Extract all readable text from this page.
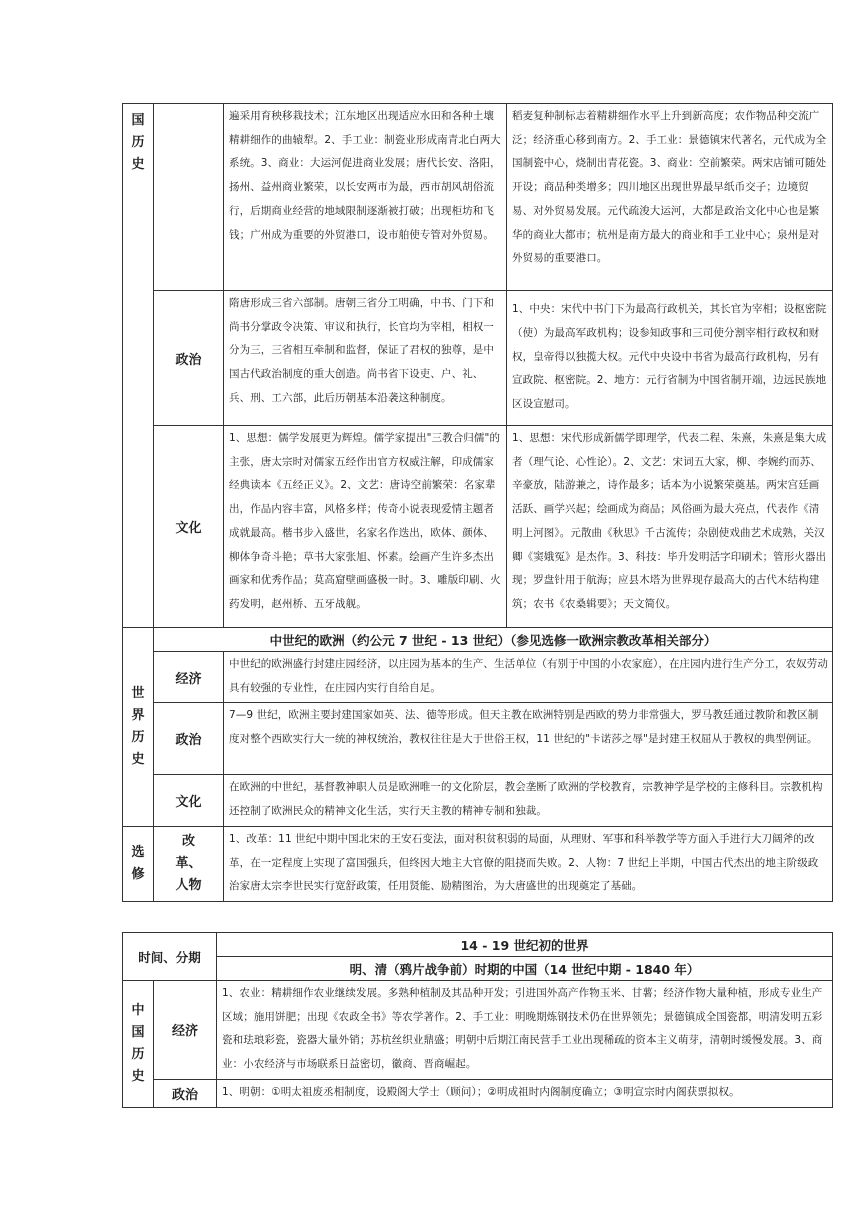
国
历
史		遍采用育秧移栽技术；江东地区出现适应水田和各种土壤精耕细作的曲辕犁。2、手工业：制瓷业形成南青北白两大系统。3、商业：大运河促进商业发展；唐代长安、洛阳，扬州、益州商业繁荣，以长安两市为最，西市胡风胡俗流行，后期商业经营的地域限制逐渐被打破；出现柜坊和飞钱；广州成为重要的外贸港口，设市舶使专管对外贸易。	稻麦复种制标志着精耕细作水平上升到新高度；农作物品种交流广泛；经济重心移到南方。2、手工业：景德镇宋代著名，元代成为全国制瓷中心，烧制出青花瓷。3、商业：空前繁荣。两宋店铺可随处开设；商品种类增多；四川地区出现世界最早纸币交子；边境贸易、对外贸易发展。元代疏浚大运河，大都是政治文化中心也是繁华的商业大都市；杭州是南方最大的商业和手工业中心；泉州是对外贸易的重要港口。
	政治	隋唐形成三省六部制。唐朝三省分工明确，中书、门下和尚书分掌政令决策、审议和执行，长官均为宰相，相权一分为三，三省相互牵制和监督，保证了君权的独尊，是中国古代政治制度的重大创造。尚书省下设吏、户、礼、兵、刑、工六部，此后历朝基本沿袭这种制度。	1、中央：宋代中书门下为最高行政机关，其长官为宰相；设枢密院（使）为最高军政机构；设参知政事和三司使分割宰相行政权和财权，皇帝得以独揽大权。元代中央设中书省为最高行政机构，另有宣政院、枢密院。2、地方：元行省制为中国省制开端，边远民族地区设宣慰司。
	文化	1、思想：儒学发展更为辉煌。儒学家提出"三教合归儒"的主张，唐太宗时对儒家五经作出官方权威注解，印成儒家经典读本《五经正义》。2、文艺：唐诗空前繁荣：名家辈出，作品内容丰富，风格多样；传奇小说表现爱情主题者成就最高。楷书步入盛世，名家名作迭出，欧体、颜体、柳体争奇斗艳；草书大家张旭、怀素。绘画产生许多杰出画家和优秀作品；莫高窟壁画盛极一时。3、雕版印刷、火药发明，赵州桥、五牙战舰。	1、思想：宋代形成新儒学即理学，代表二程、朱熹，朱熹是集大成者（理气论、心性论）。2、文艺：宋词五大家，柳、李婉约而苏、辛豪放，陆游兼之，诗作最多；话本为小说繁荣奠基。两宋宫廷画活跃、画学兴起；绘画成为商品；风俗画为最大亮点，代表作《清明上河图》。元散曲《秋思》千古流传；杂剧使戏曲艺术成熟，关汉卿《窦娥冤》是杰作。3、科技：毕升发明活字印刷术；管形火器出现；罗盘针用于航海；应县木塔为世界现存最高大的古代木结构建筑；农书《农桑辑要》；天文简仪。
世
界
历
史	中世纪的欧洲（约公元 7 世纪 - 13 世纪）（参见选修一欧洲宗教改革相关部分）		
	经济	中世纪的欧洲盛行封建庄园经济，以庄园为基本的生产、生活单位（有别于中国的小农家庭），在庄园内进行生产分工，农奴劳动具有较强的专业性，在庄园内实行自给自足。	
	政治	7—9 世纪，欧洲主要封建国家如英、法、德等形成。但天主教在欧洲特别是西欧的势力非常强大，罗马教廷通过教阶和教区制度对整个西欧实行大一统的神权统治，教权往往是大于世俗王权，11 世纪的"卡诺莎之辱"是封建王权屈从于教权的典型例证。	
	文化	在欧洲的中世纪，基督教神职人员是欧洲唯一的文化阶层，教会垄断了欧洲的学校教育，宗教神学是学校的主修科目。宗教机构还控制了欧洲民众的精神文化生活，实行天主教的精神专制和独裁。	
选
修	改
革、
人物	1、改革：11 世纪中期中国北宋的王安石变法，面对积贫积弱的局面，从理财、军事和科举教学等方面入手进行大刀阔斧的改革，在一定程度上实现了富国强兵，但终因大地主大官僚的阻挠而失败。2、人物：7 世纪上半期，中国古代杰出的地主阶级政治家唐太宗李世民实行宽舒政策，任用贤能、励精图治，为大唐盛世的出现奠定了基础。	
时间、分期		14 - 19 世纪初的世界
		明、清（鸦片战争前）时期的中国（14 世纪中期 - 1840 年）
中
国
历
史	经济	1、农业：精耕细作农业继续发展。多熟种植制及其品种开发；引进国外高产作物玉米、甘薯；经济作物大量种植，形成专业生产区域；施用饼肥；出现《农政全书》等农学著作。2、手工业：明晚期炼钢技术仍在世界领先；景德镇成全国瓷都，明清发明五彩瓷和珐琅彩瓷，瓷器大量外销；苏杭丝织业鼎盛；明朝中后期江南民营手工业出现稀疏的资本主义萌芽，清朝时缓慢发展。3、商业：小农经济与市场联系日益密切，徽商、晋商崛起。
	政治	1、明朝：①明太祖废丞相制度，设殿阁大学士（顾问）；②明成祖时内阁制度确立；③明宣宗时内阁获票拟权。
